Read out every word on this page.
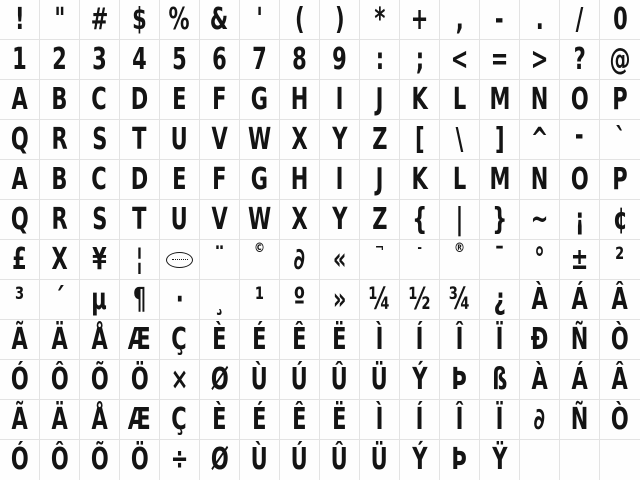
! " # $ % & ' ( ) * + , - . / 0
1 2 3 4 5 6 7 8 9 : ; < = > ? @
A B C D E F G H I J K L M N O P
Q R S T U V W X Y Z [ \ ] ^ - `
A B C D E F G H I J K L M N O P
Q R S T U V W X Y Z { | } ~ ¡ ¢
£ X ¥ ¦ ¨ © ∂ « ¬	- ® ¯ ° ± ²
³ ´ µ ¶ · ¸ ¹ º » ¼ ½ ¾ ¿ À Á Â
Ã Ä Å Æ Ç È É Ê Ë Ì Í Î Ï Ð Ñ Ò
Ó Ô Õ Ö × Ø Ù Ú Û Ü Ý Þ ß À Á Â
Ã Ä Å Æ Ç È É Ê Ë Ì Í Î Ï ∂ Ñ Ò
Ó Ô Õ Ö ÷ Ø Ù Ú Û Ü Ý Þ Ÿ
